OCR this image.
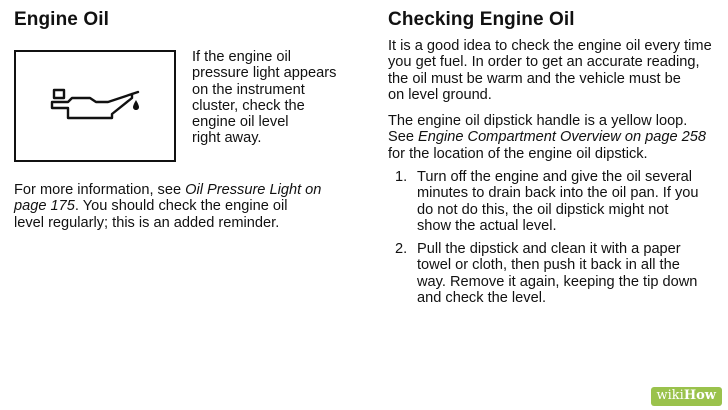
Engine Oil

If the engine oil

pressure light appears

on the instrument

cluster, check the

engine oil level

right away.

For more information, see Oil Pressure Light on

page 175. You should check the engine oil

level regularly; this is an added reminder.

Checking Engine Oil

It is a good idea to check the engine oil every time

you get fuel. In order to get an accurate reading,

the oil must be warm and the vehicle must be

on level ground.

The engine oil dipstick handle is a yellow loop.

See Engine Compartment Overview on page 258

for the location of the engine oil dipstick.

1. Turn off the engine and give the oil several

minutes to drain back into the oil pan. If you

do not do this, the oil dipstick might not

show the actual level.

2. Pull the dipstick and clean it with a paper

towel or cloth, then push it back in all the

way. Remove it again, keeping the tip down

and check the level.

wikiHow
